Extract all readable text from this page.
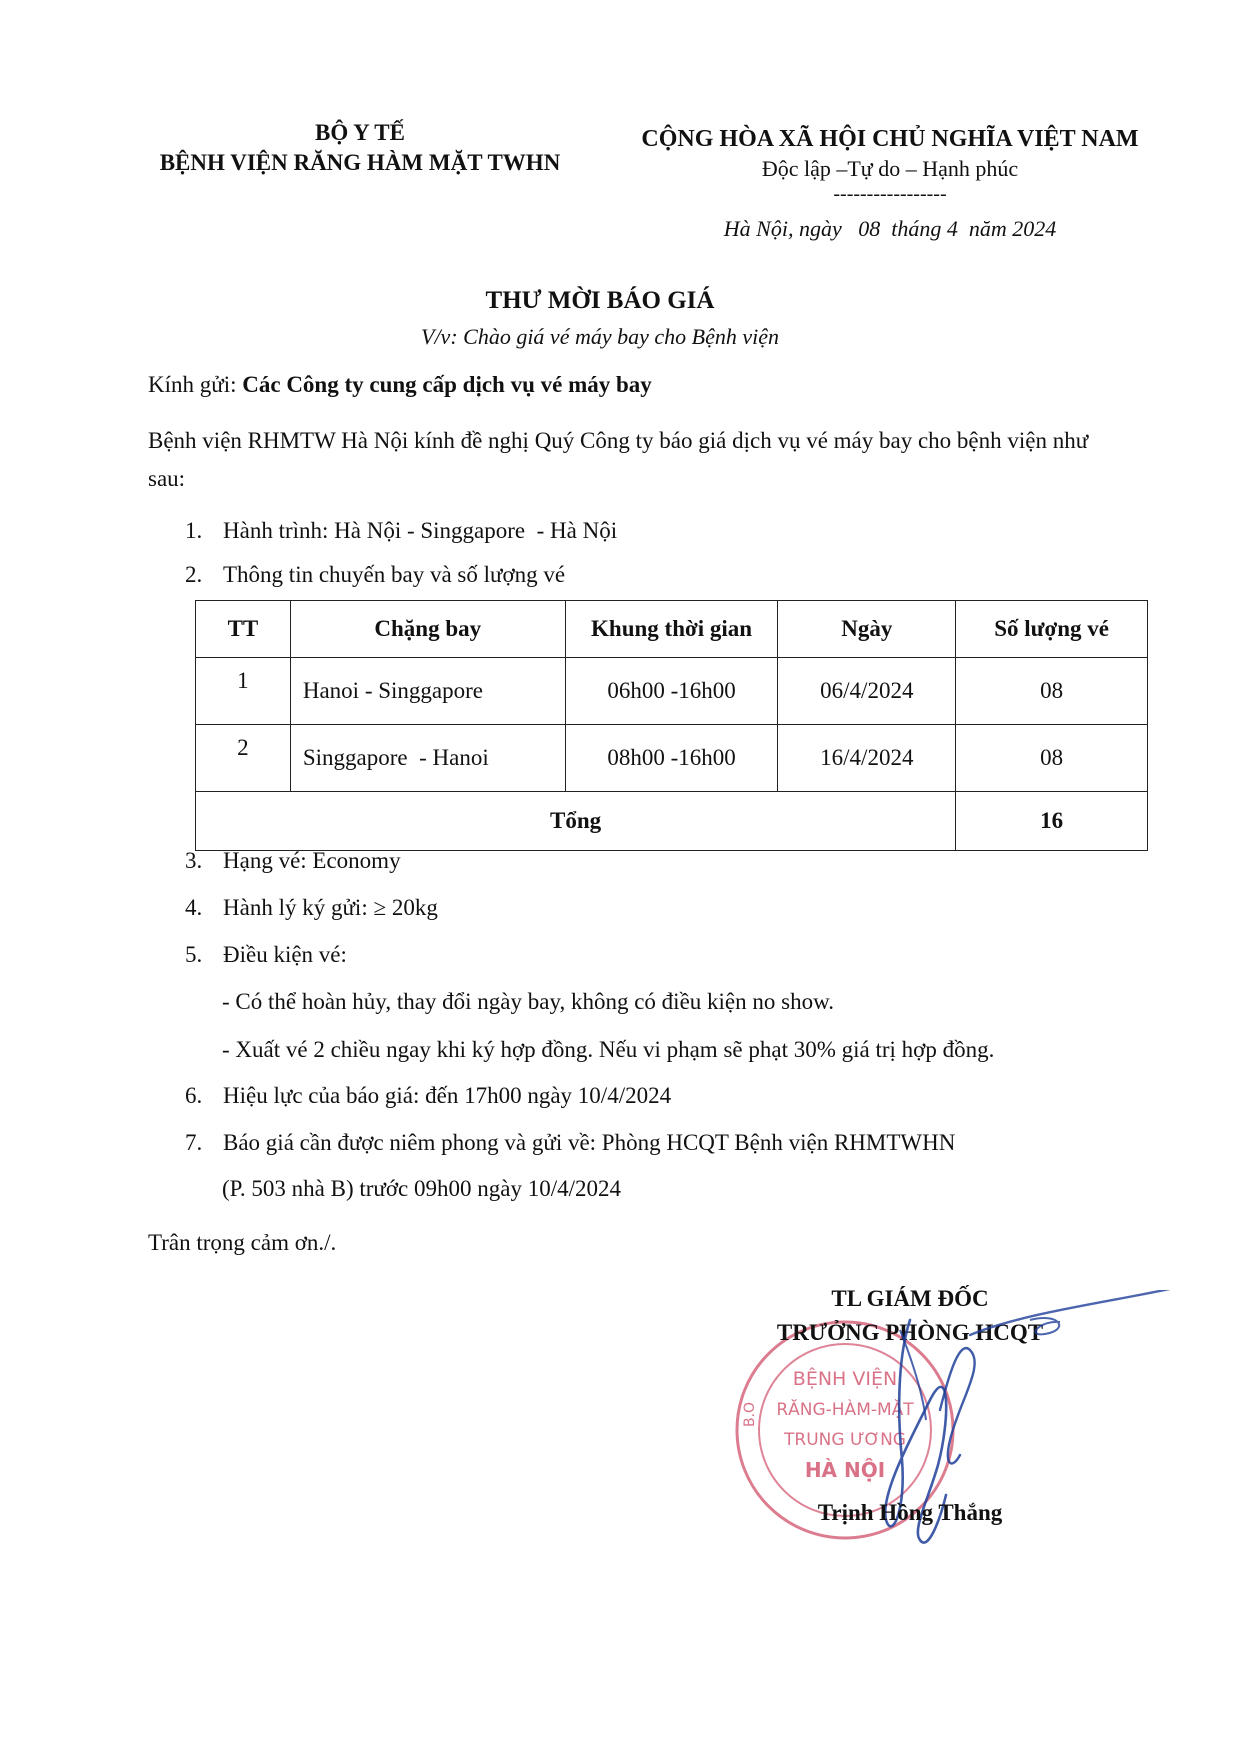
BỘ Y TẾ
BỆNH VIỆN RĂNG HÀM MẶT TWHN
CỘNG HÒA XÃ HỘI CHỦ NGHĨA VIỆT NAM
Độc lập –Tự do – Hạnh phúc
-----------------
Hà Nội, ngày   08  tháng 4  năm 2024
THƯ MỜI BÁO GIÁ
V/v: Chào giá vé máy bay cho Bệnh viện
Kính gửi: Các Công ty cung cấp dịch vụ vé máy bay
Bệnh viện RHMTW Hà Nội kính đề nghị Quý Công ty báo giá dịch vụ vé máy bay cho bệnh viện như sau:
1. Hành trình: Hà Nội - Singgapore  - Hà Nội
2. Thông tin chuyến bay và số lượng vé
TT	Chặng bay	Khung thời gian	Ngày	Số lượng vé
1	Hanoi - Singgapore	06h00 -16h00	06/4/2024	08
2	Singgapore  - Hanoi	08h00 -16h00	16/4/2024	08
Tổng				16
3. Hạng vé: Economy
4. Hành lý ký gửi: ≥ 20kg
5. Điều kiện vé:
- Có thể hoàn hủy, thay đổi ngày bay, không có điều kiện no show.
- Xuất vé 2 chiều ngay khi ký hợp đồng. Nếu vi phạm sẽ phạt 30% giá trị hợp đồng.
6. Hiệu lực của báo giá: đến 17h00 ngày 10/4/2024
7. Báo giá cần được niêm phong và gửi về: Phòng HCQT Bệnh viện RHMTWHN
(P. 503 nhà B) trước 09h00 ngày 10/4/2024
Trân trọng cảm ơn./.
B.O
BỆNH VIỆN
RĂNG-HÀM-MẶT
TRUNG ƯƠNG
HÀ NỘI
TL GIÁM ĐỐC
TRƯỞNG PHÒNG HCQT
Trịnh Hồng Thắng
